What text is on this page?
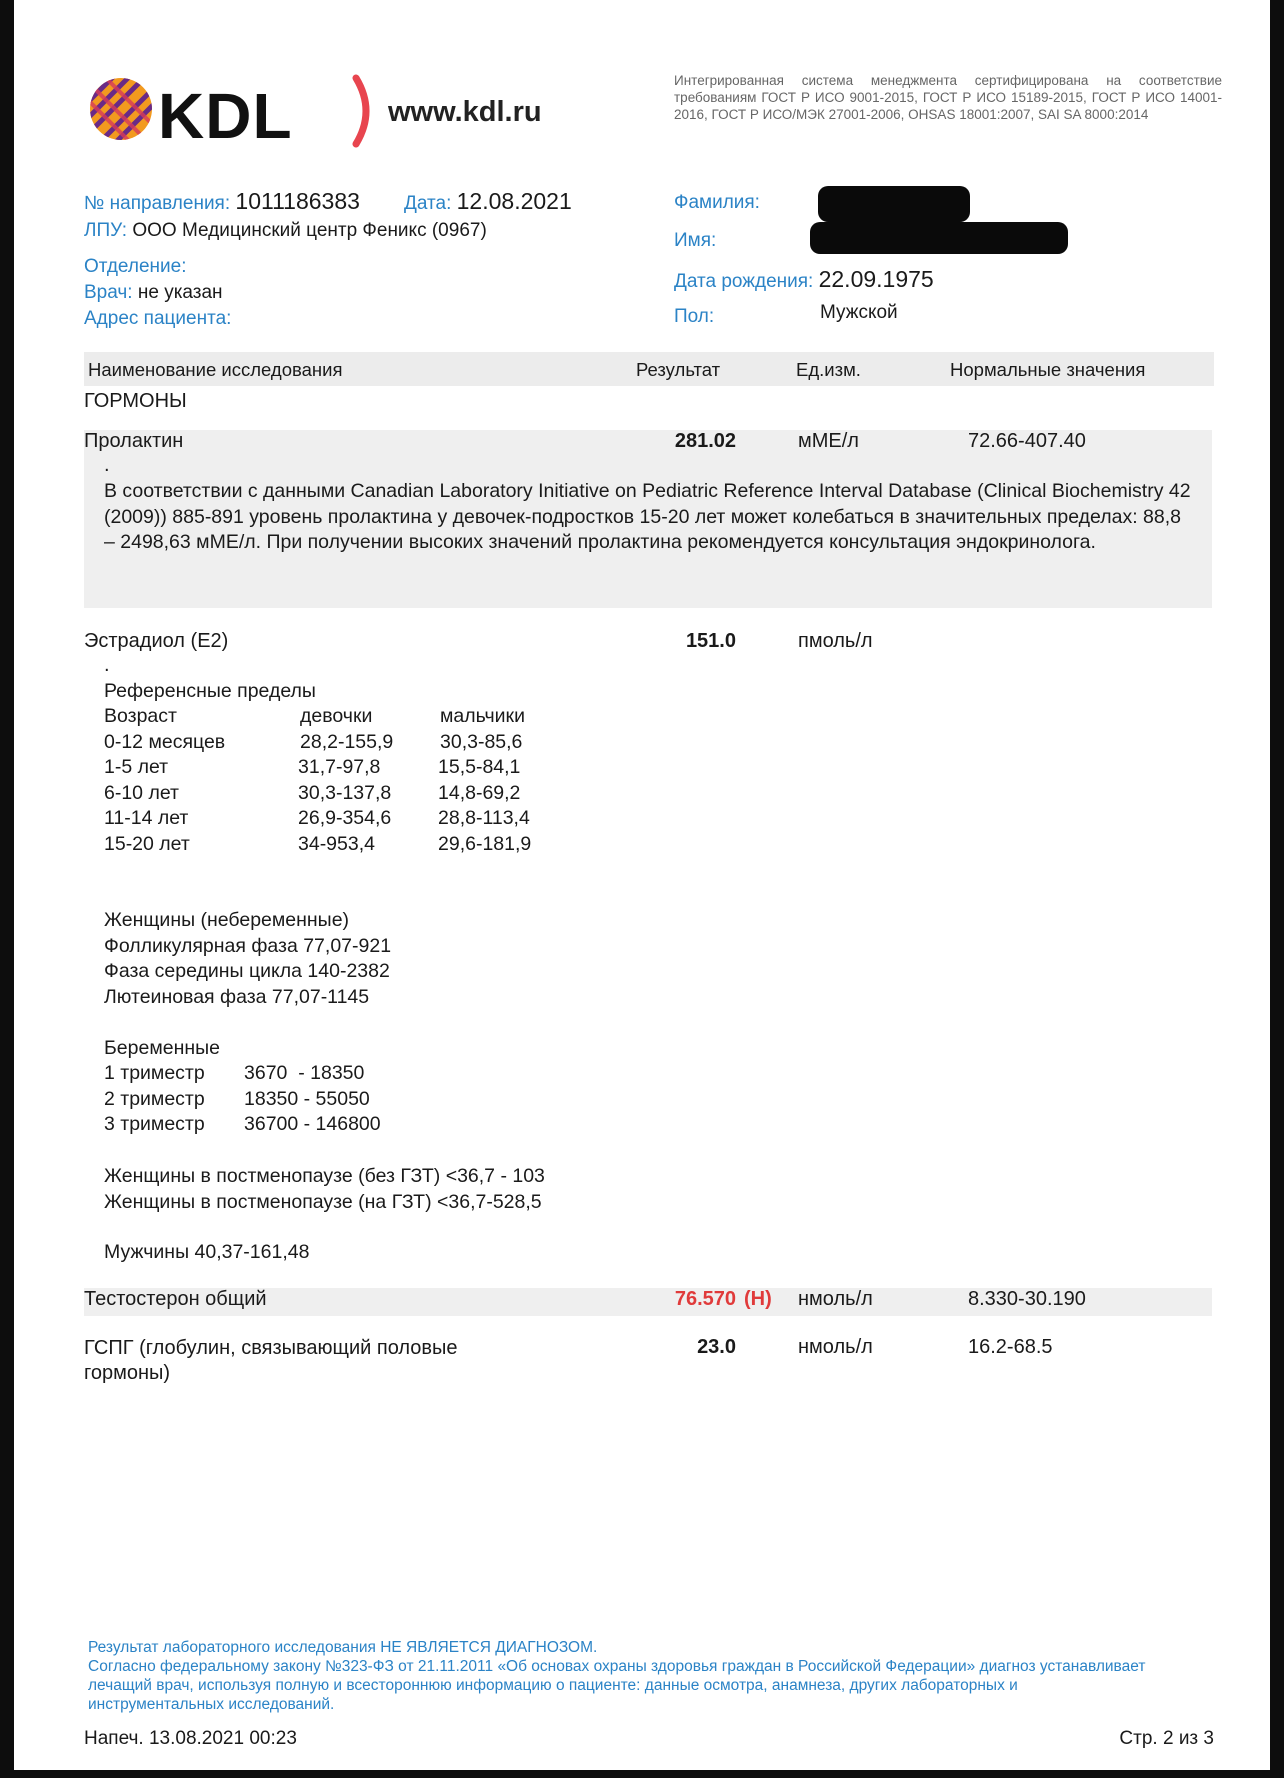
KDL	www.kdl.ru
Интегрированная система менеджмента сертифицирована на соответствие требованиям ГОСТ Р ИСО 9001-2015, ГОСТ Р ИСО 15189-2015, ГОСТ Р ИСО 14001-2016, ГОСТ Р ИСО/МЭК 27001-2006, OHSAS 18001:2007, SAI SA 8000:2014
№ направления: 1011186383 Дата: 12.08.2021
ЛПУ: ООО Медицинский центр Феникс (0967)
Отделение:
Врач: не указан
Адрес пациента:
Фамилия:
Имя:
Дата рождения: 22.09.1975
Пол:	Мужской
Наименование исследования	Результат	Ед.изм.	Нормальные значения
ГОРМОНЫ
Пролактин	281.02	мМЕ/л	72.66-407.40
.
В соответствии с данными Canadian Laboratory Initiative on Pediatric Reference Interval Database (Clinical Biochemistry 42 (2009)) 885-891 уровень пролактина у девочек-подростков 15-20 лет может колебаться в значительных пределах: 88,8 – 2498,63 мМЕ/л. При получении высоких значений пролактина рекомендуется консультация эндокринолога.
Эстрадиол (E2)	151.0	пмоль/л
.
Референсные пределы
Возраст	девочки	мальчики
0-12 месяцев	28,2-155,9 30,3-85,6
1-5 лет	31,7-97,8	15,5-84,1
6-10 лет	30,3-137,8 14,8-69,2
11-14 лет	26,9-354,6 28,8-113,4
15-20 лет	34-953,4	29,6-181,9
Женщины (небеременные)
Фолликулярная фаза 77,07-921
Фаза середины цикла 140-2382
Лютеиновая фаза 77,07-1145
Беременные
1 триместр 3670  - 18350
2 триместр 18350 - 55050
3 триместр 36700 - 146800
Женщины в постменопаузе (без ГЗТ) <36,7 - 103
Женщины в постменопаузе (на ГЗТ) <36,7-528,5
Мужчины 40,37-161,48
Тестостерон общий	76.570 (Н) нмоль/л	8.330-30.190
ГСПГ (глобулин, связывающий половые
гормоны)
23.0	нмоль/л	16.2-68.5
Результат лабораторного исследования НЕ ЯВЛЯЕТСЯ ДИАГНОЗОМ.
Согласно федеральному закону №323-ФЗ от 21.11.2011 «Об основах охраны здоровья граждан в Российской Федерации» диагноз устанавливает лечащий врач, используя полную и всестороннюю информацию о пациенте: данные осмотра, анамнеза, других лабораторных и инструментальных исследований.
Напеч. 13.08.2021 00:23	Стр. 2 из 3
